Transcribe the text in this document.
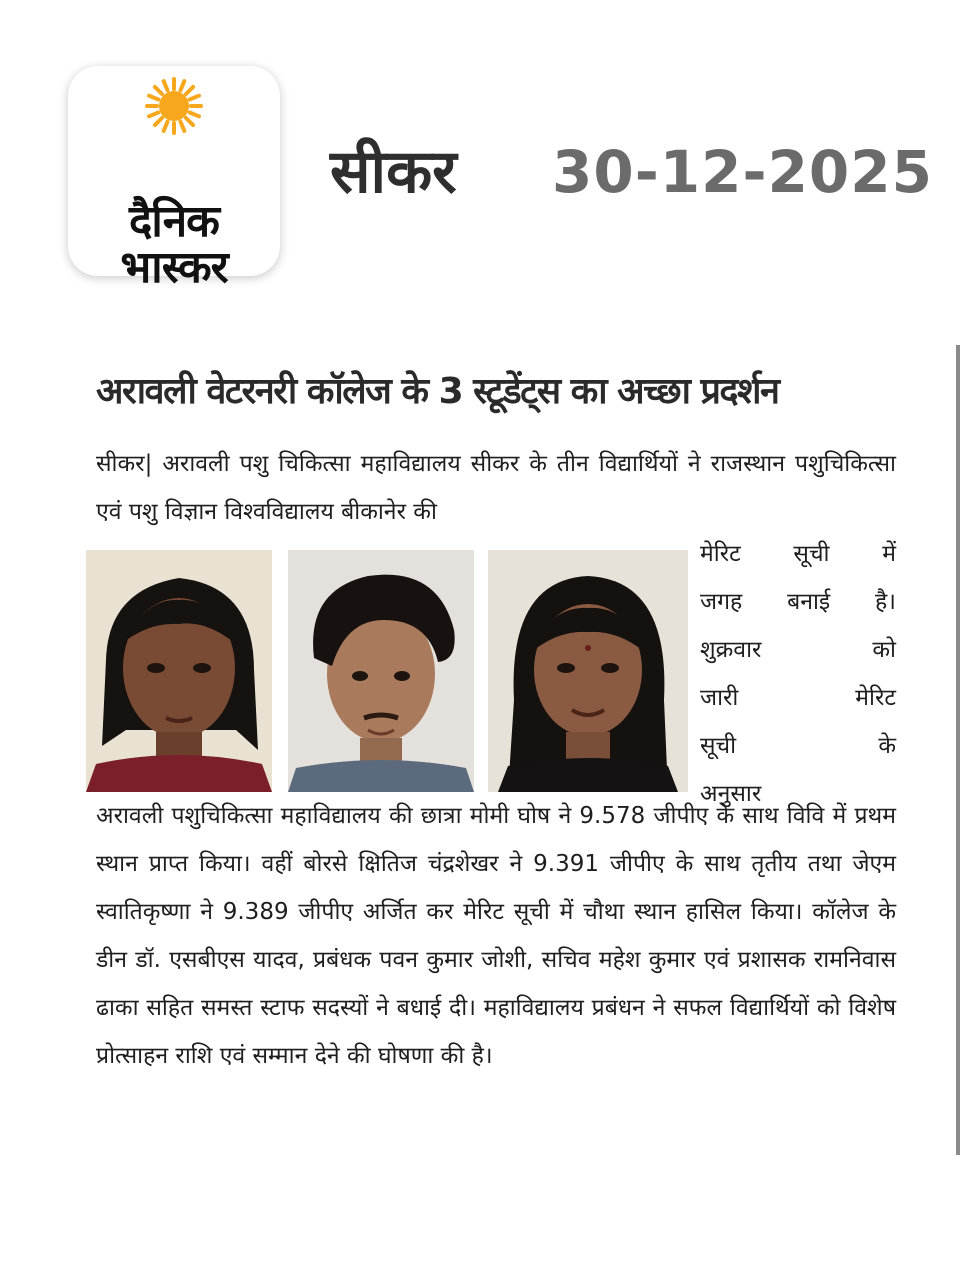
दैनिक
भास्कर
सीकर 30-12-2025
अरावली वेटरनरी कॉलेज के 3 स्टूडेंट्स का अच्छा प्रदर्शन
सीकर| अरावली पशु चिकित्सा महाविद्यालय सीकर के तीन विद्यार्थियों ने राजस्थान पशुचिकित्सा एवं पशु विज्ञान विश्वविद्यालय बीकानेर की
मेरिट सूची में
जगह बनाई है।
शुक्रवार	को
जारी	मेरिट
सूची	के
अनुसार
अरावली पशुचिकित्सा महाविद्यालय की छात्रा मोमी घोष ने 9.578 जीपीए के साथ विवि में प्रथम स्थान प्राप्त किया। वहीं बोरसे क्षितिज चंद्रशेखर ने 9.391 जीपीए के साथ तृतीय तथा जेएम स्वातिकृष्णा ने 9.389 जीपीए अर्जित कर मेरिट सूची में चौथा स्थान हासिल किया। कॉलेज के डीन डॉ. एसबीएस यादव, प्रबंधक पवन कुमार जोशी, सचिव महेश कुमार एवं प्रशासक रामनिवास ढाका सहित समस्त स्टाफ सदस्यों ने बधाई दी। महाविद्यालय प्रबंधन ने सफल विद्यार्थियों को विशेष प्रोत्साहन राशि एवं सम्मान देने की घोषणा की है।
